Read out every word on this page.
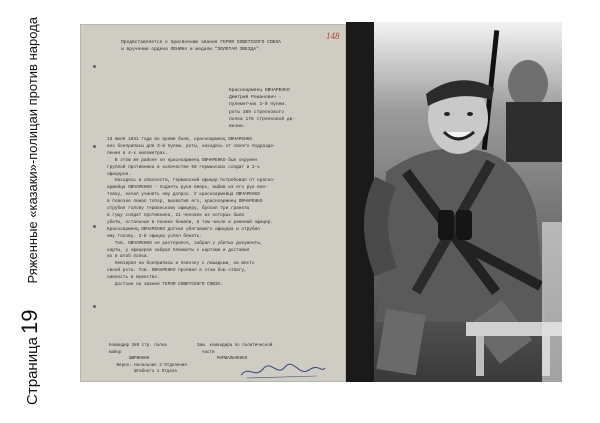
Страница
19
Ряженные «казаки»-полицаи против народа	148
Предвставляется к присвоению звания ГЕРОЯ СОВЕТСКОГО СОЮЗА
и вручению ордена ЛЕНИНА и медали "ЗОЛОТАЯ ЗВЕЗДА".
Красноармеец ОВЧАРЕНКО
Дмитрий Романович -
пулеметчик 3-й пулем.
роты 389 стрелкового
полка 176 стрелковой ди-
визии.
13 июля 1941 года во время боев, красноармеец ОВЧАРЕНКО
вез боеприпасы для 3-й пулем. роты, находясь от своего подразде-
ления в 4-х километрах.
В этом же районе он красноармеец ОВЧАРЕНКО был окружен
группой противника в количестве 50 германских солдат и 2-х
офицеров.
Находясь в опасности, германский офицер потребовал от красно-
армейца ОВЧАРЕНКО - поднять руки вверх, выбив из его рук вин-
товку, начал учинять ему допрос. У красноармейца ОВЧАРЕНКО
в повозке лежал топор, выхватив его, красноармеец ОВЧАРЕНКО
отрубил голову германскому офицеру, бросил три гранаты
в гущу солдат противника, 21 человек из которых были
убиты, остальные в панике бежали, в том числе и раненый офицер.
Красноармеец ОВЧАРЕНКО догнал убегавшего офицера и отрубил
ему голову. 3-й офицер успел бежать.
Тов. ОВЧАРЕНКО не растерялся, забрал у убитых документы,
карты, у офицеров забрал планшеты с картами и доставил
их в штаб полка.
Невзирая на боеприпасы и повозку с лошадьми, на место
своей роты. Тов. ОВЧАРЕНКО проявил в этом бою отвагу,
смелость и мужество.
Достоин на звание ГЕРОЯ СОВЕТСКОГО СОЮЗА.
Командир 389 стр. полка            Зам. командира по политической
майор                                части
ШИРИНКИН                           МАРШАЛЬЧЕНКО
Верно: Начальник 3 Отделения
Штабного 1 Отдела
